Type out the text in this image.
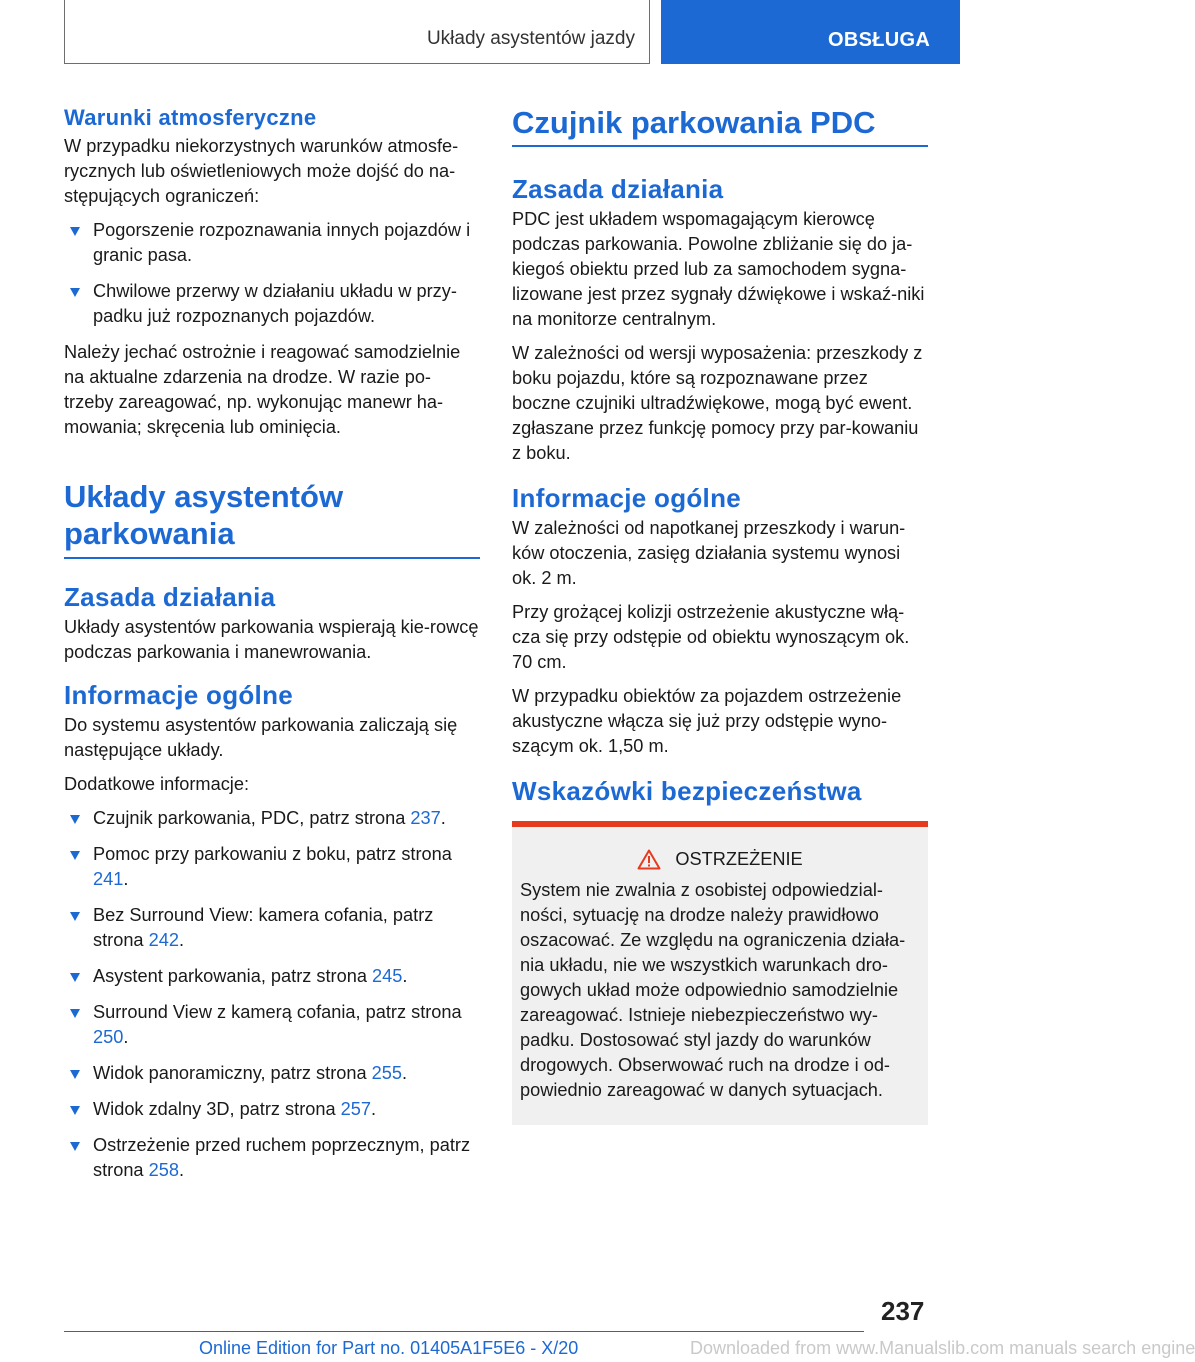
Układy asystentów jazdy	OBSŁUGA
Warunki atmosferyczne

W przypadku niekorzystnych warunków atmosfe-rycznych lub oświetleniowych może dojść do na-stępujących ograniczeń:

Pogorszenie rozpoznawania innych pojazdów i granic pasa.
Chwilowe przerwy w działaniu układu w przy-padku już rozpoznanych pojazdów.

Należy jechać ostrożnie i reagować samodzielnie na aktualne zdarzenia na drodze. W razie po-trzeby zareagować, np. wykonując manewr ha-mowania; skręcenia lub ominięcia.

Układy asystentów parkowania
Zasada działania

Układy asystentów parkowania wspierają kie-rowcę podczas parkowania i manewrowania.

Informacje ogólne

Do systemu asystentów parkowania zaliczają się następujące układy.

Dodatkowe informacje:

Czujnik parkowania, PDC, patrz strona 237.
Pomoc przy parkowaniu z boku, patrz strona 241.
Bez Surround View: kamera cofania, patrz strona 242.
Asystent parkowania, patrz strona 245.
Surround View z kamerą cofania, patrz strona 250.
Widok panoramiczny, patrz strona 255.
Widok zdalny 3D, patrz strona 257.
Ostrzeżenie przed ruchem poprzecznym, patrz strona 258.
Czujnik parkowania PDC
Zasada działania

PDC jest układem wspomagającym kierowcę podczas parkowania. Powolne zbliżanie się do ja-kiegoś obiektu przed lub za samochodem sygna-lizowane jest przez sygnały dźwiękowe i wskaź-niki na monitorze centralnym.

W zależności od wersji wyposażenia: przeszkody z boku pojazdu, które są rozpoznawane przez boczne czujniki ultradźwiękowe, mogą być ewent. zgłaszane przez funkcję pomocy przy par-kowaniu z boku.

Informacje ogólne

W zależności od napotkanej przeszkody i warun-ków otoczenia, zasięg działania systemu wynosi ok. 2 m.

Przy grożącej kolizji ostrzeżenie akustyczne włą-cza się przy odstępie od obiektu wynoszącym ok. 70 cm.

W przypadku obiektów za pojazdem ostrzeżenie akustyczne włącza się już przy odstępie wyno-szącym ok. 1,50 m.

Wskazówki bezpieczeństwa
OSTRZEŻENIE

System nie zwalnia z osobistej odpowiedzial-ności, sytuację na drodze należy prawidłowo oszacować. Ze względu na ograniczenia działa-nia układu, nie we wszystkich warunkach dro-gowych układ może odpowiednio samodzielnie zareagować. Istnieje niebezpieczeństwo wy-padku. Dostosować styl jazdy do warunków drogowych. Obserwować ruch na drodze i od-powiednio zareagować w danych sytuacjach.

237
Online Edition for Part no. 01405A1F5E6 - X/20	Downloaded from www.Manualslib.com manuals search engine
